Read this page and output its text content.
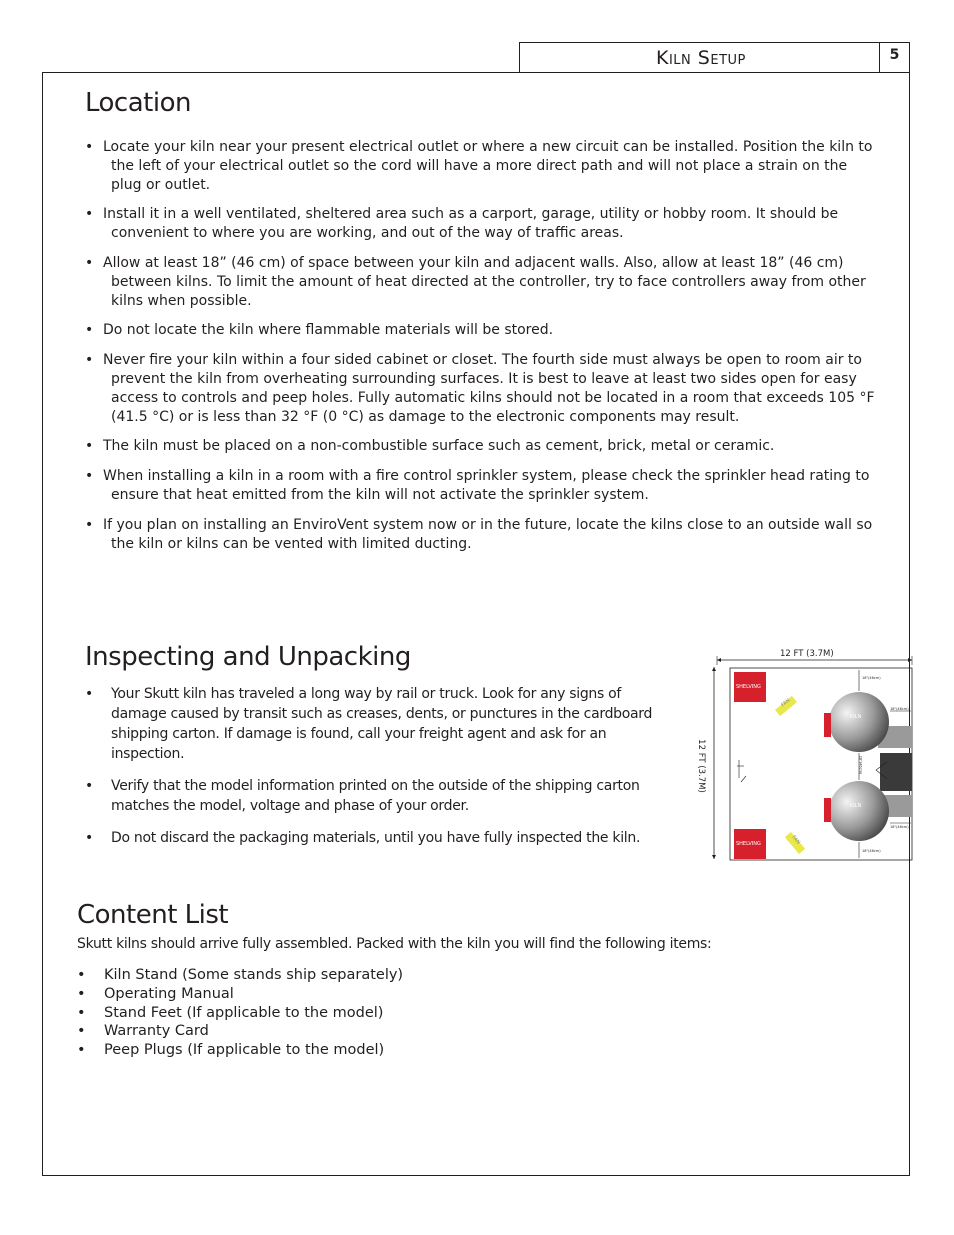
Kiln Setup	5
Location
• Locate your kiln near your present electrical outlet or where a new circuit can be installed. Position the kiln to the left of your electrical outlet so the cord will have a more direct path and will not place a strain on the plug or outlet.
• Install it in a well ventilated, sheltered area such as a carport, garage, utility or hobby room. It should be convenient to where you are working, and out of the way of traffic areas.
• Allow at least 18” (46 cm) of space between your kiln and adjacent walls. Also, allow at least 18” (46 cm) between kilns. To limit the amount of heat directed at the controller, try to face controllers away from other kilns when possible.
• Do not locate the kiln where flammable materials will be stored.
• Never fire your kiln within a four sided cabinet or closet. The fourth side must always be open to room air to prevent the kiln from overheating surrounding surfaces. It is best to leave at least two sides open for easy access to controls and peep holes. Fully automatic kilns should not be located in a room that exceeds 105 °F (41.5 °C) or is less than 32 °F (0 °C) as damage to the electronic components may result.
• The kiln must be placed on a non-combustible surface such as cement, brick, metal or ceramic.
• When installing a kiln in a room with a fire control sprinkler system, please check the sprinkler head rating to ensure that heat emitted from the kiln will not activate the sprinkler system.
• If you plan on installing an EnviroVent system now or in the future, locate the kilns close to an outside wall so the kiln or kilns can be vented with limited ducting.
Inspecting and Unpacking
• Your Skutt kiln has traveled a long way by rail or truck. Look for any signs of damage caused by transit such as creases, dents, or punctures in the cardboard shipping carton. If damage is found, call your freight agent and ask for an inspection.
• Verify that the model information printed on the outside of the shipping carton matches the model, voltage and phase of your order.
• Do not discard the packaging materials, until you have fully inspected the kiln.
12 FT (3.7M)
12 FT (3.7M)
SHELVING
SHELVING
FAN
FAN
KILN
KILN
18"(46cm)
18"(46cm)
18"(46cm)
18"(46cm)
18"(46cm)
Content List
Skutt kilns should arrive fully assembled. Packed with the kiln you will find the following items:
• Kiln Stand (Some stands ship separately)
• Operating Manual
• Stand Feet (If applicable to the model)
• Warranty Card
• Peep Plugs (If applicable to the model)
